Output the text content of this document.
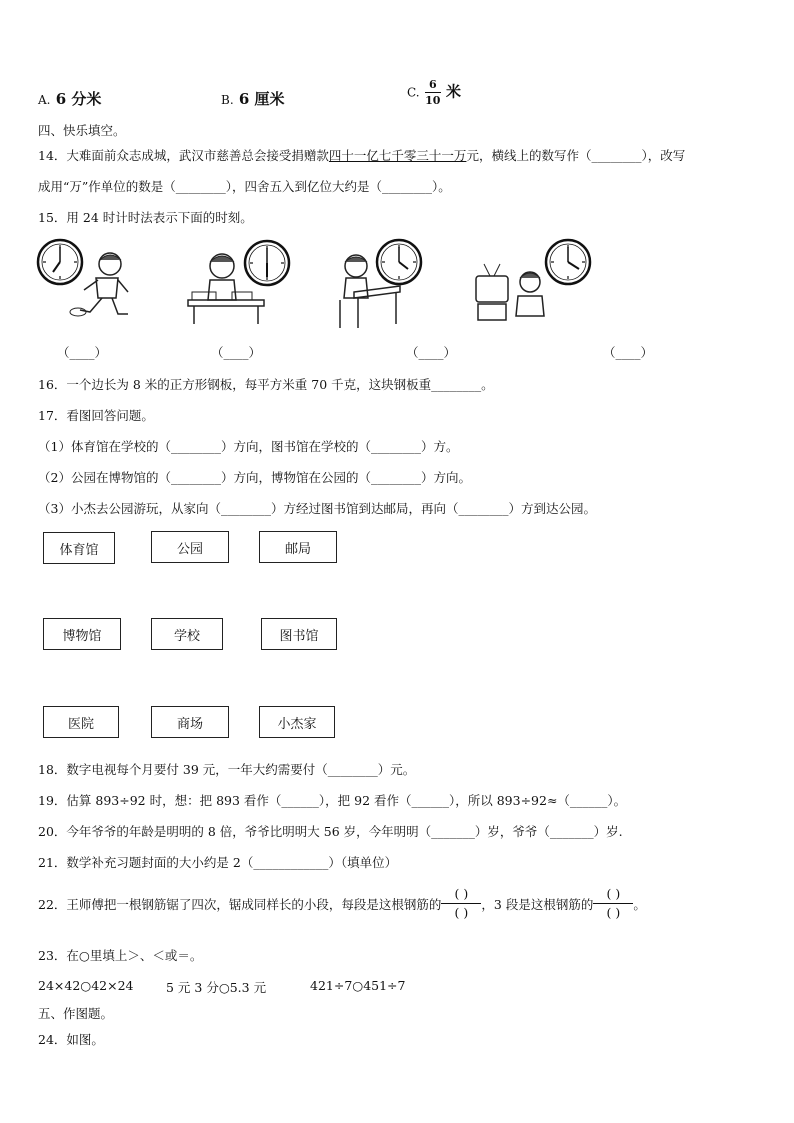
A. 6 分米	B. 6 厘米	C. $\frac{6}{10}$ 米
四、快乐填空。
14．大难面前众志成城，武汉市慈善总会接受捐赠款四十一亿七千零三十一万元，横线上的数写作（________），改写
成用“万”作单位的数是（________），四舍五入到亿位大约是（________）。
15．用 24 时计时法表示下面的时刻。
（____）	（____）	（____）	（____）
16．一个边长为 8 米的正方形钢板，每平方米重 70 千克，这块钢板重________。
17．看图回答问题。
（1）体育馆在学校的（________）方向，图书馆在学校的（________）方。
（2）公园在博物馆的（________）方向，博物馆在公园的（________）方向。
（3）小杰去公园游玩，从家向（________）方经过图书馆到达邮局，再向（________）方到达公园。
体育馆	公园	邮局
博物馆	学校	图书馆
医院	商场	小杰家
18．数字电视每个月要付 39 元，一年大约需要付（________）元。
19．估算 893÷92 时，想：把 893 看作（______），把 92 看作（______），所以 893÷92≈（______）。
20．今年爷爷的年龄是明明的 8 倍，爷爷比明明大 56 岁，今年明明（_______）岁，爷爷（_______）岁.
21．数学补充习题封面的大小约是 2（____________）（填单位）
22．王师傅把一根钢筋锯了四次，锯成同样长的小段，每段是这根钢筋的
( )
( )
，3 段是这根钢筋的
( )
( )
。
23．在○里填上＞、＜或＝。
24×42○42×24	5 元 3 分○5.3 元	421÷7○451÷7
五、作图题。
24．如图。
